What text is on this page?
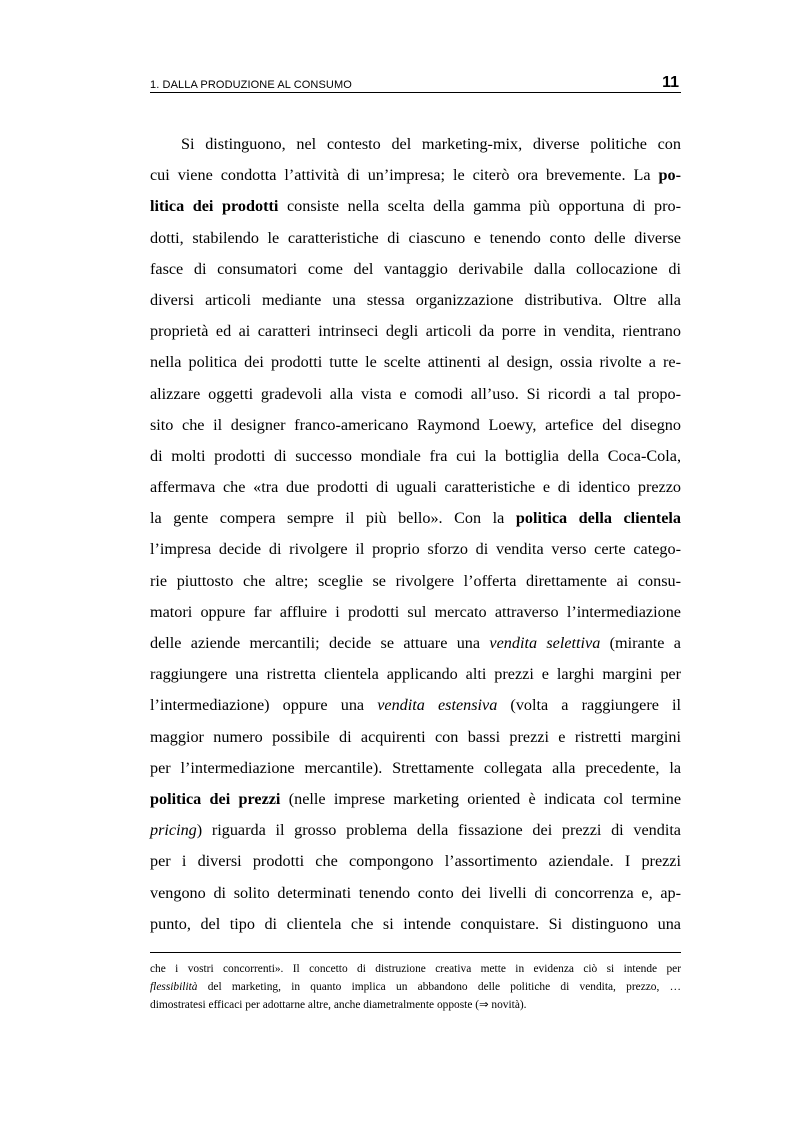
1. DALLA PRODUZIONE AL CONSUMO	11
Si distinguono, nel contesto del marketing-mix, diverse politiche con
cui viene condotta l’attività di un’impresa; le citerò ora brevemente. La po-
litica dei prodotti consiste nella scelta della gamma più opportuna di pro-
dotti, stabilendo le caratteristiche di ciascuno e tenendo conto delle diverse
fasce di consumatori come del vantaggio derivabile dalla collocazione di
diversi articoli mediante una stessa organizzazione distributiva. Oltre alla
proprietà ed ai caratteri intrinseci degli articoli da porre in vendita, rientrano
nella politica dei prodotti tutte le scelte attinenti al design, ossia rivolte a re-
alizzare oggetti gradevoli alla vista e comodi all’uso. Si ricordi a tal propo-
sito che il designer franco-americano Raymond Loewy, artefice del disegno
di molti prodotti di successo mondiale fra cui la bottiglia della Coca-Cola,
affermava che «tra due prodotti di uguali caratteristiche e di identico prezzo
la gente compera sempre il più bello». Con la politica della clientela
l’impresa decide di rivolgere il proprio sforzo di vendita verso certe catego-
rie piuttosto che altre; sceglie se rivolgere l’offerta direttamente ai consu-
matori oppure far affluire i prodotti sul mercato attraverso l’intermediazione
delle aziende mercantili; decide se attuare una vendita selettiva (mirante a
raggiungere una ristretta clientela applicando alti prezzi e larghi margini per
l’intermediazione) oppure una vendita estensiva (volta a raggiungere il
maggior numero possibile di acquirenti con bassi prezzi e ristretti margini
per l’intermediazione mercantile). Strettamente collegata alla precedente, la
politica dei prezzi (nelle imprese marketing oriented è indicata col termine
pricing) riguarda il grosso problema della fissazione dei prezzi di vendita
per i diversi prodotti che compongono l’assortimento aziendale. I prezzi
vengono di solito determinati tenendo conto dei livelli di concorrenza e, ap-
punto, del tipo di clientela che si intende conquistare. Si distinguono una
che i vostri concorrenti». Il concetto di distruzione creativa mette in evidenza ciò si intende per
flessibilità del marketing, in quanto implica un abbandono delle politiche di vendita, prezzo, …
dimostratesi efficaci per adottarne altre, anche diametralmente opposte (⇒ novità).
